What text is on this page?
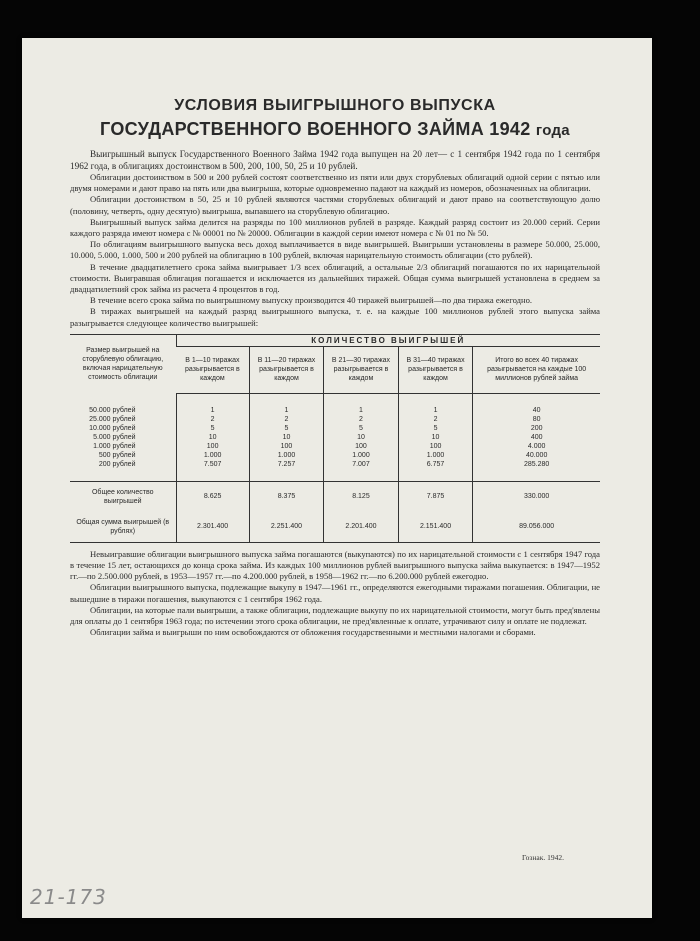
УСЛОВИЯ ВЫИГРЫШНОГО ВЫПУСКА
ГОСУДАРСТВЕННОГО ВОЕННОГО ЗАЙМА 1942 года

Выигрышный выпуск Государственного Военного Займа 1942 года выпущен на 20 лет— с 1 сентября 1942 года по 1 сентября 1962 года, в облигациях достоинством в 500, 200, 100, 50, 25 и 10 рублей.

Облигации достоинством в 500 и 200 рублей состоят соответственно из пяти или двух сторублевых облигаций одной серии с пятью или двумя номерами и дают право на пять или два выигрыша, которые одновременно падают на каждый из номеров, обозначенных на облигации.

Облигации достоинством в 50, 25 и 10 рублей являются частями сторублевых облигаций и дают право на соответствующую долю (половину, четверть, одну десятую) выигрыша, выпавшего на сторублевую облигацию.

Выигрышный выпуск займа делится на разряды по 100 миллионов рублей в разряде. Каждый разряд состоит из 20.000 серий. Серии каждого разряда имеют номера с № 00001 по № 20000. Облигации в каждой серии имеют номера с № 01 по № 50.

По облигациям выигрышного выпуска весь доход выплачивается в виде выигрышей. Выигрыши установлены в размере 50.000, 25.000, 10.000, 5.000, 1.000, 500 и 200 рублей на облигацию в 100 рублей, включая нарицательную стоимость облигации (сто рублей).

В течение двадцатилетнего срока займа выигрывает 1/3 всех облигаций, а остальные 2/3 облигаций погашаются по их нарицательной стоимости. Выигравшая облигация погашается и исключается из дальнейших тиражей. Общая сумма выигрышей установлена в среднем за двадцатилетний срок займа из расчета 4 процентов в год.

В течение всего срока займа по выигрышному выпуску производится 40 тиражей выигрышей—по два тиража ежегодно.

В тиражах выигрышей на каждый разряд выигрышного выпуска, т. е. на каждые 100 миллионов рублей этого выпуска займа разыгрывается следующее количество выигрышей:

Размер выигрышей на сторублевую облигацию, включая нарицательную стоимость облигации	КОЛИЧЕСТВО ВЫИГРЫШЕЙ				
	В 1—10 тиражах разыгрывается в каждом	В 11—20 тиражах разыгрывается в каждом	В 21—30 тиражах разыгрывается в каждом	В 31—40 тиражах разыгрывается в каждом	Итого во всех 40 тиражах разыгрывается на каждые 100 миллионов рублей займа
50.000 рублей	1	1	1	1	40
25.000 рублей	2	2	2	2	80
10.000 рублей	5	5	5	5	200
5.000 рублей	10	10	10	10	400
1.000 рублей	100	100	100	100	4.000
500 рублей	1.000	1.000	1.000	1.000	40.000
200 рублей	7.507	7.257	7.007	6.757	285.280
Общее количество выигрышей	8.625	8.375	8.125	7.875	330.000
Общая сумма выигрышей (в рублях)	2.301.400	2.251.400	2.201.400	2.151.400	89.056.000

Невыигравшие облигации выигрышного выпуска займа погашаются (выкупаются) по их нарицательной стоимости с 1 сентября 1947 года в течение 15 лет, остающихся до конца срока займа. Из каждых 100 миллионов рублей выигрышного выпуска займа выкупается: в 1947—1952 гг.—по 2.500.000 рублей, в 1953—1957 гг.—по 4.200.000 рублей, в 1958—1962 гг.—по 6.200.000 рублей ежегодно.

Облигации выигрышного выпуска, подлежащие выкупу в 1947—1961 гг., определяются ежегодными тиражами погашения. Облигации, не вышедшие в тиражи погашения, выкупаются с 1 сентября 1962 года.

Облигации, на которые пали выигрыши, а также облигации, подлежащие выкупу по их нарицательной стоимости, могут быть пред'явлены для оплаты до 1 сентября 1963 года; по истечении этого срока облигации, не пред'явленные к оплате, утрачивают силу и оплате не подлежат.

Облигации займа и выигрыши по ним освобождаются от обложения государственными и местными налогами и сборами.

Гознак. 1942.
21-173
